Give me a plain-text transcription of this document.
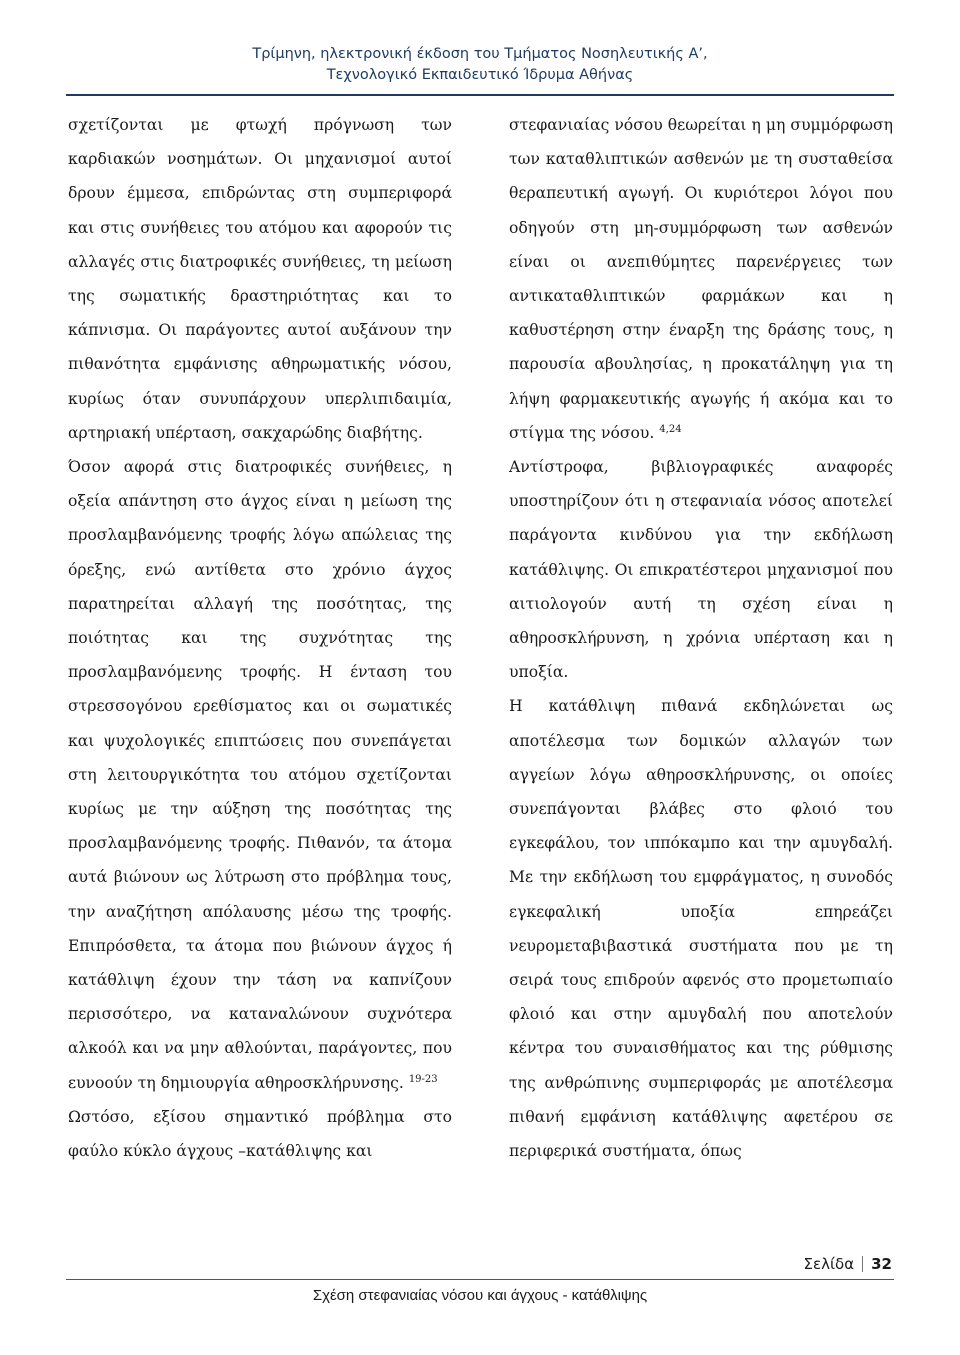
Τρίμηνη, ηλεκτρονική έκδοση του Τμήματος Νοσηλευτικής Α’,
Τεχνολογικό Εκπαιδευτικό Ίδρυμα Αθήνας

σχετίζονται με φτωχή πρόγνωση των καρδιακών νοσημάτων. Οι μηχανισμοί αυτοί δρουν έμμεσα, επιδρώντας στη συμπεριφορά και στις συνήθειες του ατόμου και αφορούν τις αλλαγές στις διατροφικές συνήθειες, τη μείωση της σωματικής δραστηριότητας και το κάπνισμα. Οι παράγοντες αυτοί αυξάνουν την πιθανότητα εμφάνισης αθηρωματικής νόσου, κυρίως όταν συνυπάρχουν υπερλιπιδαιμία, αρτηριακή υπέρταση, σακχαρώδης διαβήτης.

Όσον αφορά στις διατροφικές συνήθειες, η οξεία απάντηση στο άγχος είναι η μείωση της προσλαμβανόμενης τροφής λόγω απώλειας της όρεξης, ενώ αντίθετα στο χρόνιο άγχος παρατηρείται αλλαγή της ποσότητας, της ποιότητας και της συχνότητας της προσλαμβανόμενης τροφής. Η ένταση του στρεσσογόνου ερεθίσματος και οι σωματικές και ψυχολογικές επιπτώσεις που συνεπάγεται στη λειτουργικότητα του ατόμου σχετίζονται κυρίως με την αύξηση της ποσότητας της προσλαμβανόμενης τροφής. Πιθανόν, τα άτομα αυτά βιώνουν ως λύτρωση στο πρόβλημα τους, την αναζήτηση απόλαυσης μέσω της τροφής. Επιπρόσθετα, τα άτομα που βιώνουν άγχος ή κατάθλιψη έχουν την τάση να καπνίζουν περισσότερο, να καταναλώνουν συχνότερα αλκοόλ και να μην αθλούνται, παράγοντες, που ευνοούν τη δημιουργία αθηροσκλήρυνσης. $^{19-23}$

Ωστόσο, εξίσου σημαντικό πρόβλημα στο φαύλο κύκλο άγχους –κατάθλιψης και

στεφανιαίας νόσου θεωρείται η μη συμμόρφωση των καταθλιπτικών ασθενών με τη συσταθείσα θεραπευτική αγωγή. Οι κυριότεροι λόγοι που οδηγούν στη μη-συμμόρφωση των ασθενών είναι οι ανεπιθύμητες παρενέργειες των αντικαταθλιπτικών φαρμάκων και η καθυστέρηση στην έναρξη της δράσης τους, η παρουσία αβουλησίας, η προκατάληψη για τη λήψη φαρμακευτικής αγωγής ή ακόμα και το στίγμα της νόσου. $^{4,24}$

Αντίστροφα, βιβλιογραφικές αναφορές υποστηρίζουν ότι η στεφανιαία νόσος αποτελεί παράγοντα κινδύνου για την εκδήλωση κατάθλιψης. Οι επικρατέστεροι μηχανισμοί που αιτιολογούν αυτή τη σχέση είναι η αθηροσκλήρυνση, η χρόνια υπέρταση και η υποξία.

Η κατάθλιψη πιθανά εκδηλώνεται ως αποτέλεσμα των δομικών αλλαγών των αγγείων λόγω αθηροσκλήρυνσης, οι οποίες συνεπάγονται βλάβες στο φλοιό του εγκεφάλου, τον ιππόκαμπο και την αμυγδαλή. Με την εκδήλωση του εμφράγματος, η συνοδός εγκεφαλική υποξία επηρεάζει νευρομεταβιβαστικά συστήματα που με τη σειρά τους επιδρούν αφενός στο προμετωπιαίο φλοιό και στην αμυγδαλή που αποτελούν κέντρα του συναισθήματος και της ρύθμισης της ανθρώπινης συμπεριφοράς με αποτέλεσμα πιθανή εμφάνιση κατάθλιψης αφετέρου σε περιφερικά συστήματα, όπως

Σελίδα 32
Σχέση στεφανιαίας νόσου και άγχους - κατάθλιψης
